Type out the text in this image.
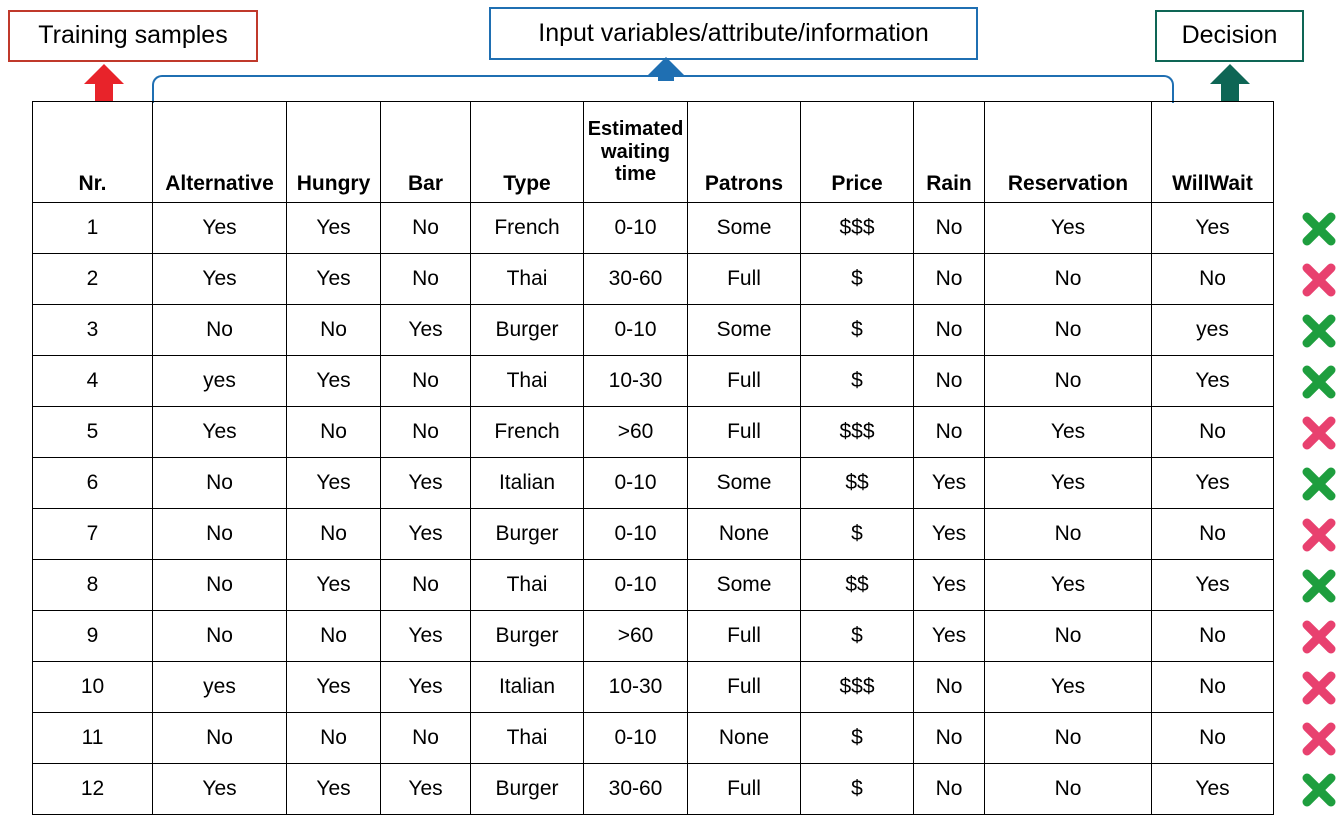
Training samples	Input variables/attribute/information	Decision
Nr.	Alternative	Hungry	Bar	Type	Estimated
waiting
time	Patrons	Price	Rain	Reservation	WillWait
1	Yes	Yes	No	French	0-10	Some	$$$	No	Yes	Yes
2	Yes	Yes	No	Thai	30-60	Full	$	No	No	No
3	No	No	Yes	Burger	0-10	Some	$	No	No	yes
4	yes	Yes	No	Thai	10-30	Full	$	No	No	Yes
5	Yes	No	No	French	>60	Full	$$$	No	Yes	No
6	No	Yes	Yes	Italian	0-10	Some	$$	Yes	Yes	Yes
7	No	No	Yes	Burger	0-10	None	$	Yes	No	No
8	No	Yes	No	Thai	0-10	Some	$$	Yes	Yes	Yes
9	No	No	Yes	Burger	>60	Full	$	Yes	No	No
10	yes	Yes	Yes	Italian	10-30	Full	$$$	No	Yes	No
11	No	No	No	Thai	0-10	None	$	No	No	No
12	Yes	Yes	Yes	Burger	30-60	Full	$	No	No	Yes
